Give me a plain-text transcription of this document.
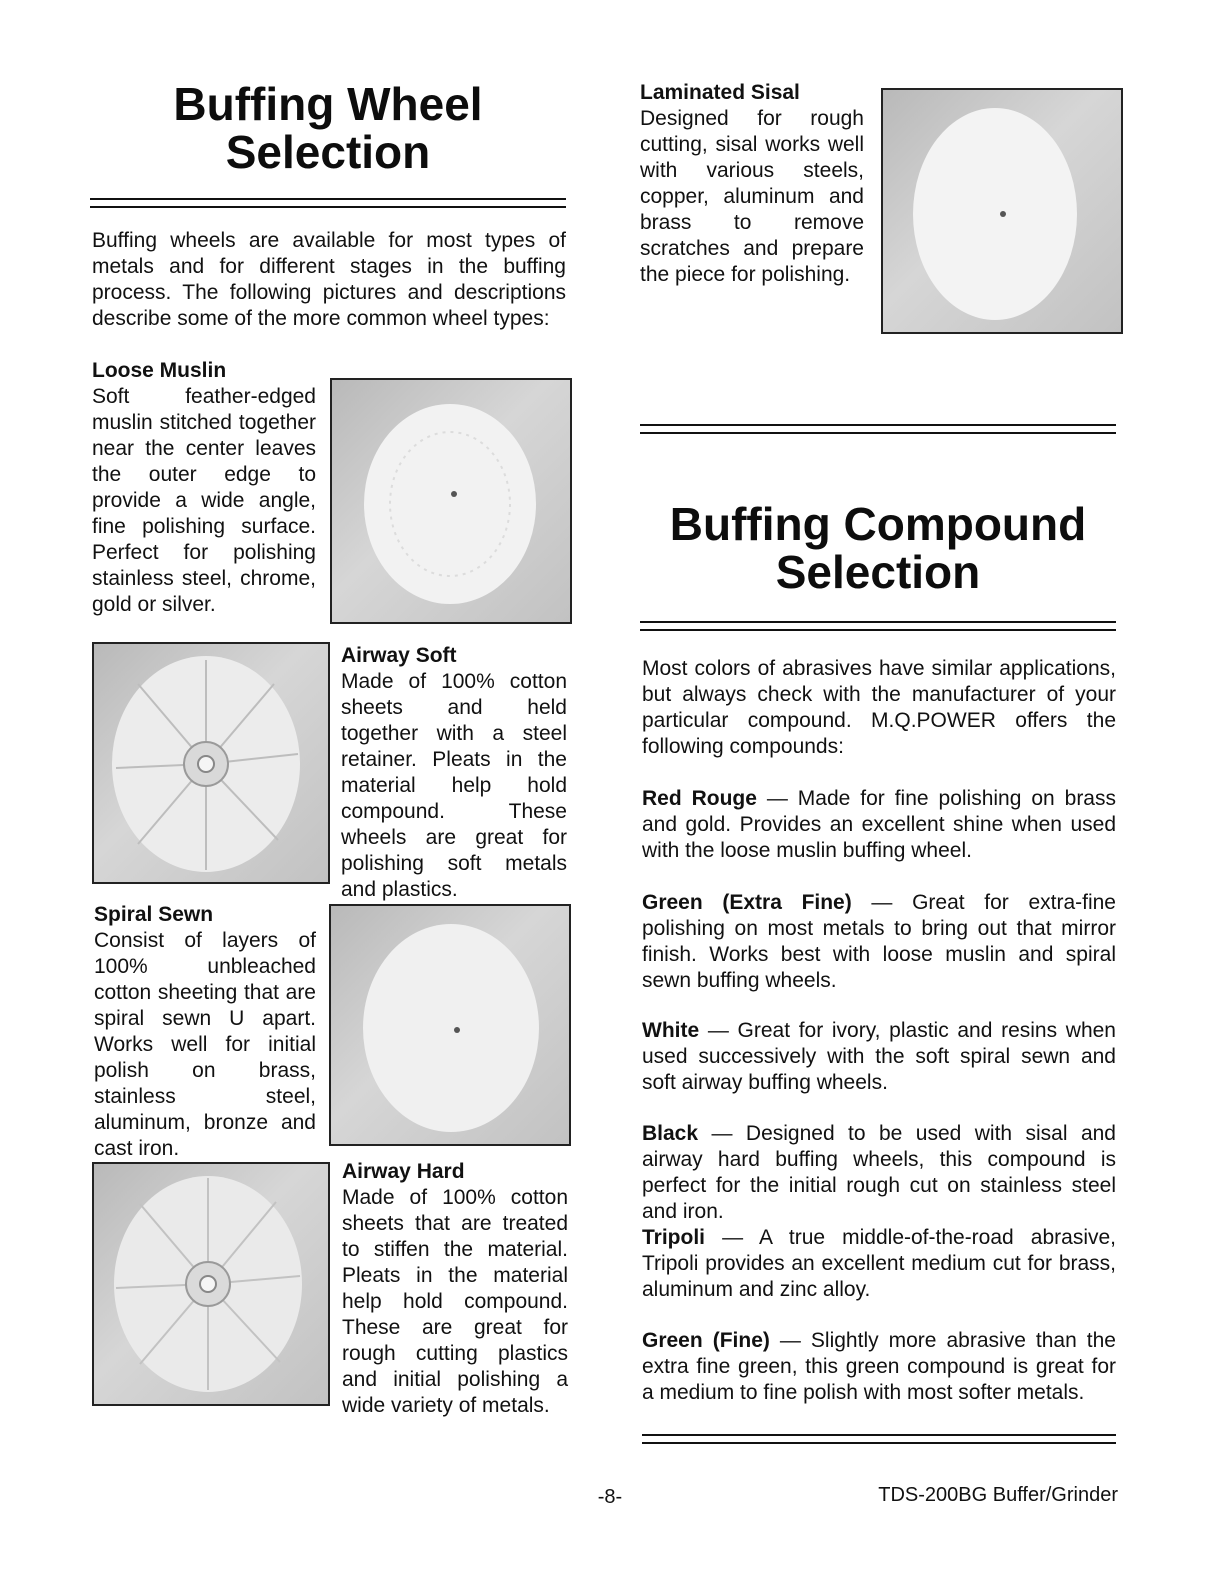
Buffing Wheel Selection

Buffing wheels are available for most types of metals and for different stages in the buffing process. The following pictures and descriptions describe some of the more common wheel types:

Loose Muslin
Soft feather-edged muslin stitched together near the center leaves the outer edge to provide a wide angle, fine polishing surface. Perfect for polishing stainless steel, chrome, gold or silver.
Airway Soft
Made of 100% cotton sheets and held together with a steel retainer. Pleats in the material help hold compound. These wheels are great for polishing soft metals and plastics.
Spiral Sewn
Consist of layers of 100% unbleached cotton sheeting that are spiral sewn U apart. Works well for initial polish on brass, stainless steel, aluminum, bronze and cast iron.
Airway Hard
Made of 100% cotton sheets that are treated to stiffen the material. Pleats in the material help hold compound. These are great for rough cutting plastics and initial polishing a wide variety of metals.
Laminated Sisal
Designed for rough cutting, sisal works well with various steels, copper, aluminum and brass to remove scratches and prepare the piece for polishing.
Buffing Compound Selection

Most colors of abrasives have similar applications, but always check with the manufacturer of your particular compound. M.Q.POWER offers the following compounds:

Red Rouge — Made for fine polishing on brass and gold. Provides an excellent shine when used with the loose muslin buffing wheel.
Green (Extra Fine) — Great for extra-fine polishing on most metals to bring out that mirror finish. Works best with loose muslin and spiral sewn buffing wheels.
White — Great for ivory, plastic and resins when used successively with the soft spiral sewn and soft airway buffing wheels.
Black — Designed to be used with sisal and airway hard buffing wheels, this compound is perfect for the initial rough cut on stainless steel and iron.
Tripoli — A true middle-of-the-road abrasive, Tripoli provides an excellent medium cut for brass, aluminum and zinc alloy.
Green (Fine) — Slightly more abrasive than the extra fine green, this green compound is great for a medium to fine polish with most softer metals.
-8-	TDS-200BG Buffer/Grinder
